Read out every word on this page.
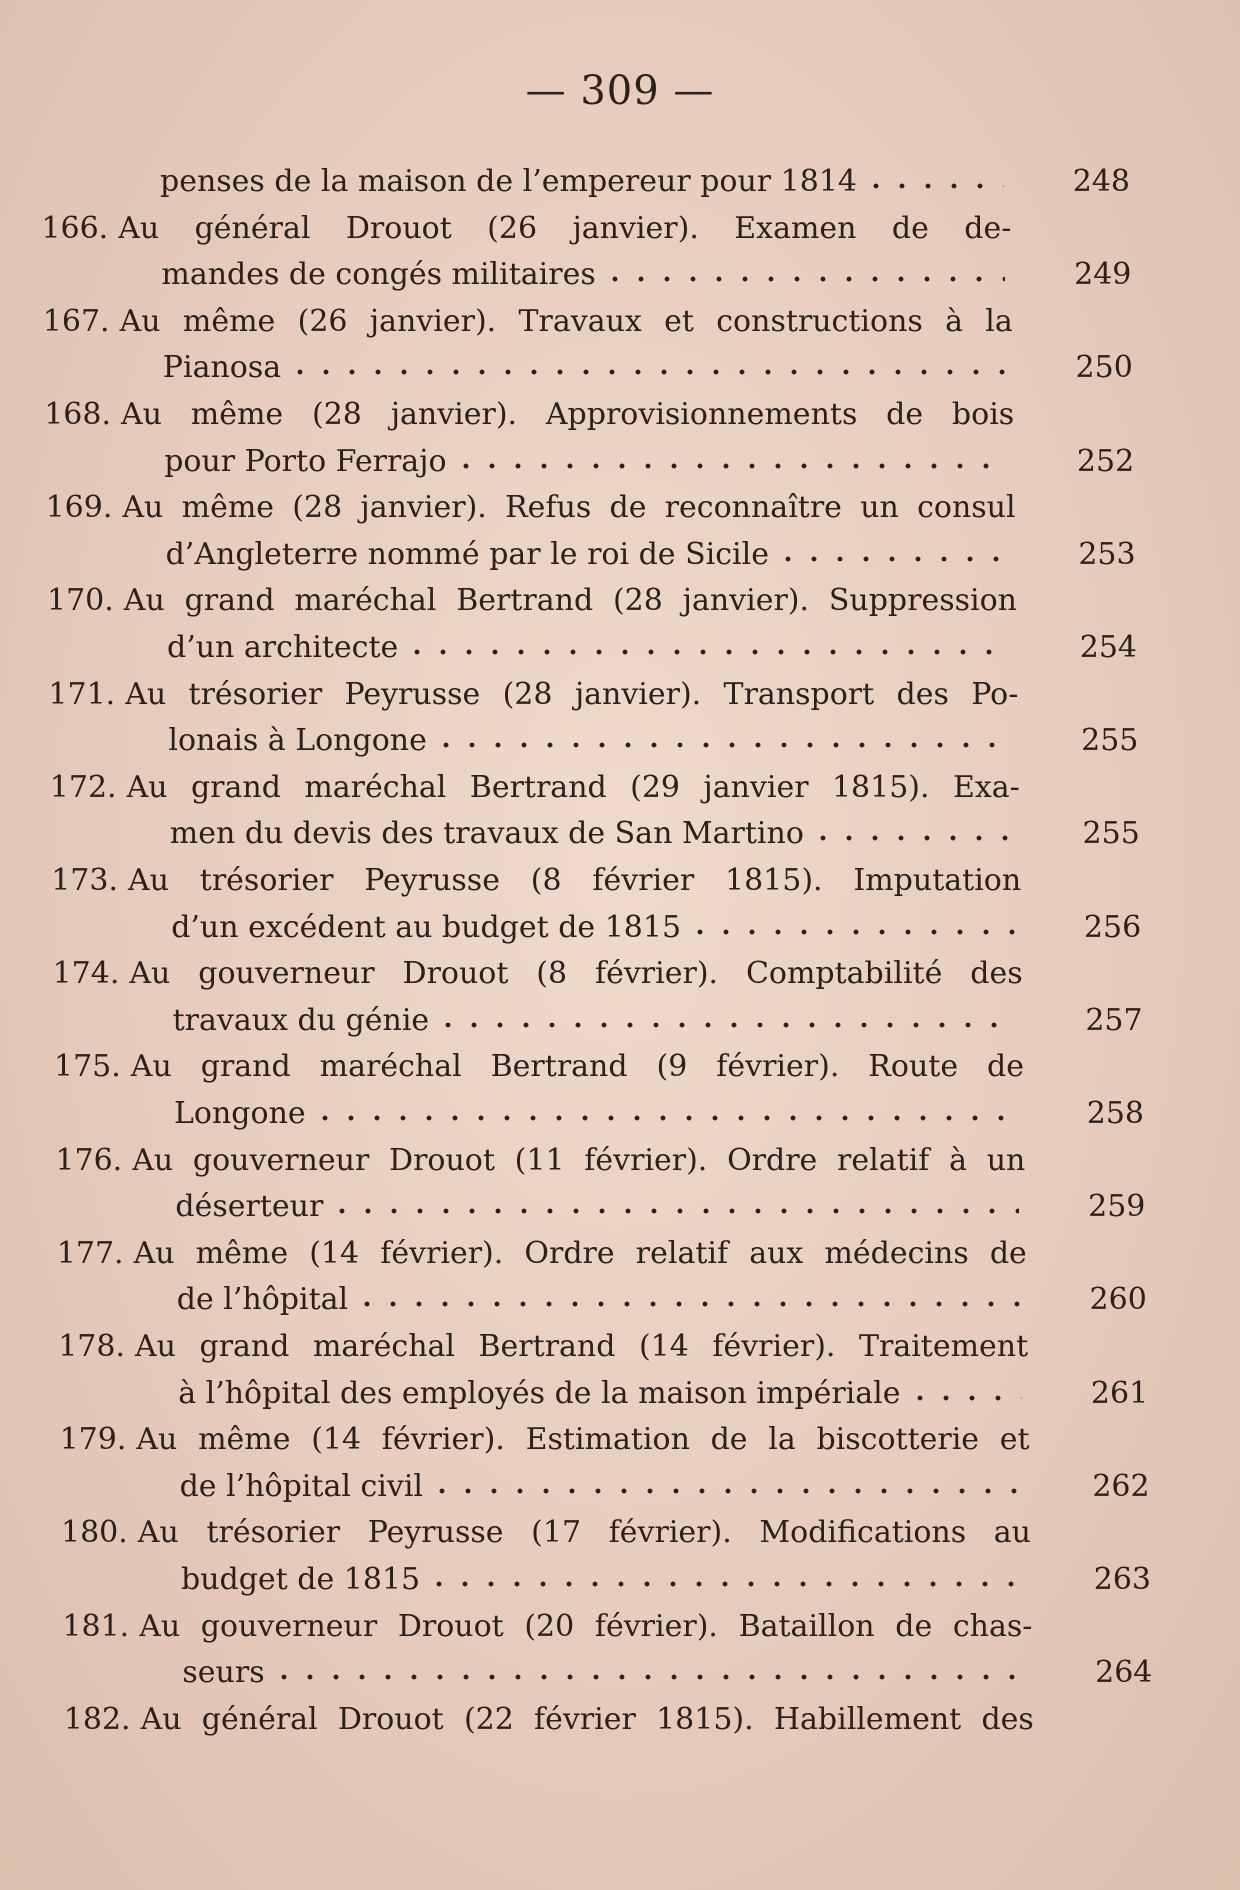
— 309 —
penses de la maison de l’empereur pour 1814	248
166. Au général Drouot (26 janvier). Examen de de-
mandes de congés militaires	249
167. Au même (26 janvier). Travaux et constructions à la
Pianosa	250
168. Au même (28 janvier). Approvisionnements de bois
pour Porto Ferrajo	252
169. Au même (28 janvier). Refus de reconnaître un consul
d’Angleterre nommé par le roi de Sicile	253
170. Au grand maréchal Bertrand (28 janvier). Suppression
d’un architecte	254
171. Au trésorier Peyrusse (28 janvier). Transport des Po-
lonais à Longone	255
172. Au grand maréchal Bertrand (29 janvier 1815). Exa-
men du devis des travaux de San Martino	255
173. Au trésorier Peyrusse (8 février 1815). Imputation
d’un excédent au budget de 1815	256
174. Au gouverneur Drouot (8 février). Comptabilité des
travaux du génie	257
175. Au grand maréchal Bertrand (9 février). Route de
Longone	258
176. Au gouverneur Drouot (11 février). Ordre relatif à un
déserteur	259
177. Au même (14 février). Ordre relatif aux médecins de
de l’hôpital	260
178. Au grand maréchal Bertrand (14 février). Traitement
à l’hôpital des employés de la maison impériale	261
179. Au même (14 février). Estimation de la biscotterie et
de l’hôpital civil	262
180. Au trésorier Peyrusse (17 février). Modifications au
budget de 1815	263
181. Au gouverneur Drouot (20 février). Bataillon de chas-
seurs	264
182. Au général Drouot (22 février 1815). Habillement des
